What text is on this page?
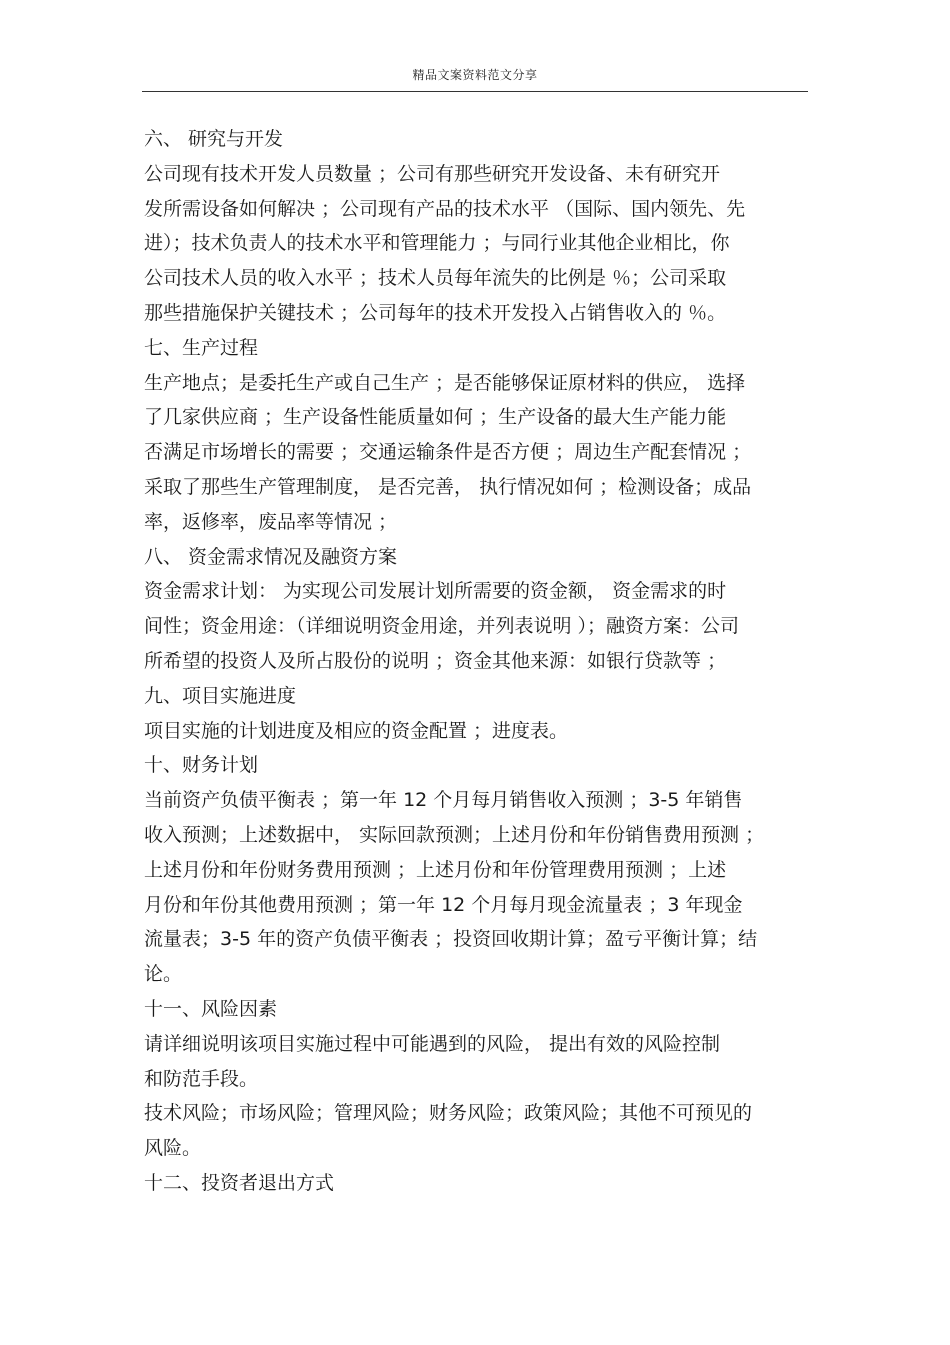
精品文案资料范文分享
六、 研究与开发
公司现有技术开发人员数量 ；公司有那些研究开发设备、未有研究开
发所需设备如何解决 ；公司现有产品的技术水平 （国际、国内领先、先
进）；技术负责人的技术水平和管理能力 ；与同行业其他企业相比，你
公司技术人员的收入水平 ；技术人员每年流失的比例是 ％；公司采取
那些措施保护关键技术 ；公司每年的技术开发投入占销售收入的 ％。
七、生产过程
生产地点；是委托生产或自己生产 ；是否能够保证原材料的供应， 选择
了几家供应商 ；生产设备性能质量如何 ；生产设备的最大生产能力能
否满足市场增长的需要 ；交通运输条件是否方便 ；周边生产配套情况 ；
采取了那些生产管理制度， 是否完善， 执行情况如何 ；检测设备；成品
率，返修率，废品率等情况 ；
八、 资金需求情况及融资方案
资金需求计划： 为实现公司发展计划所需要的资金额， 资金需求的时
间性；资金用途：（详细说明资金用途，并列表说明 ）；融资方案：公司
所希望的投资人及所占股份的说明 ；资金其他来源：如银行贷款等 ；
九、项目实施进度
项目实施的计划进度及相应的资金配置 ；进度表。
十、财务计划
当前资产负债平衡表 ；第一年 12 个月每月销售收入预测 ；3-5 年销售
收入预测；上述数据中， 实际回款预测；上述月份和年份销售费用预测 ；
上述月份和年份财务费用预测 ；上述月份和年份管理费用预测 ；上述
月份和年份其他费用预测 ；第一年 12 个月每月现金流量表 ；3 年现金
流量表；3-5 年的资产负债平衡表 ；投资回收期计算；盈亏平衡计算；结
论。
十一、风险因素
请详细说明该项目实施过程中可能遇到的风险， 提出有效的风险控制
和防范手段。
技术风险；市场风险；管理风险；财务风险；政策风险；其他不可预见的
风险。
十二、投资者退出方式
